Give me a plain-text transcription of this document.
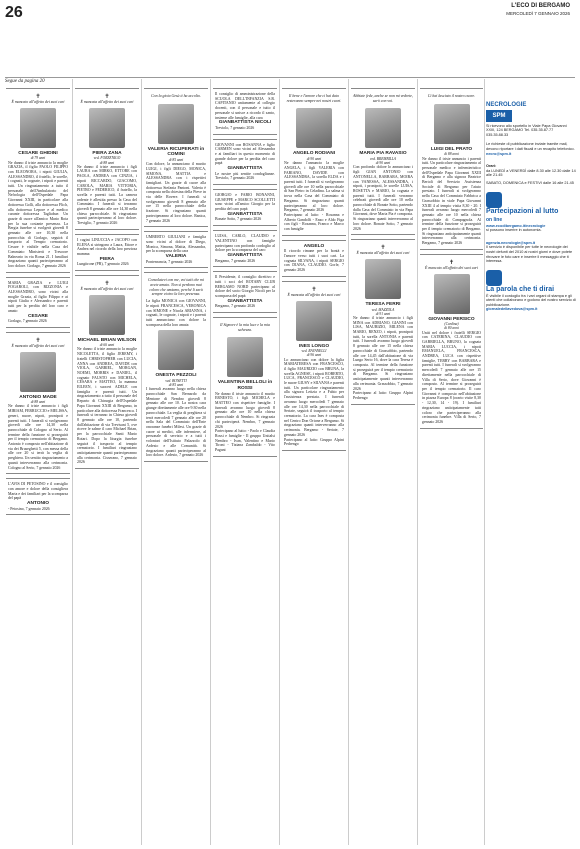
26	L'ECO DI BERGAMO
MERCOLEDÌ 7 GENNAIO 2026
Segue da pagina 20
✝
È mancato all'affetto dei suoi cari
CESARE GHIDINI
di 79 anni
Ne danno il triste annuncio la moglie GRAZIA, il figlio PAOLO FILIPPO con ELEONORA, i nipoti GIULIA, ALESSANDRO, il fratello, le sorelle, i cognati, le cognate, i nipoti e parenti tutti. Un ringraziamento a tutto il personale dell'Ambulatorio del Nefrologia dell'Ospedale Papa Giovanni XXIII, in particolare alla dottoressa Golli, alla dottoressa Flich, alla dottoressa Lepore e al medico curante dottoressa Tagliabue. Un grazie di cuore all'amico Mario Rota per la sua costante presenza. La Bergia funebre si svolgerà giovedì 8 gennaio alle ore 10,30 nella parrocchia di Gorlago, seguirà il trasporto al Tempio crematorio. Cesare è visibile nella Casa del Commiato Ministerii e Tresoore Balneario in via Roma 21. I familiari ringraziano quanti parteciperanno al loro dolore. Gorlago, 7 gennaio 2026
MARIA GRAZIA e LUIGI FOGAROLI, con RIZZONIA e ALESSANDRO, sono vicini alla moglie Grazia, al figlio Filippo e ai nipoti Giulia e Alessandro e parenti tutti per la perdita del loro caro e amato
CESARE
Gorlago, 7 gennaio 2026
✝
È mancato all'affetto dei suoi cari
ANTONIO MADE
di 88 anni
Ne danno il triste annuncio i figli MIRIAM, FERRUCCIO e MELISSA, generi, nuore, nipoti, pronipoti e parenti tutti. I funerali si svolgeranno giovedì alle ore 14,30 nella parrocchiale di Cologno al Serio. Al termine della funzione si proseguirà per il tempio crematorio di Bergamo. Antonio è composto nell'abitazione di via dei Bruseghetti 5, con messa della alle ore 20 si terrà la veglia di preghiera. Un sentito ringraziamento a quanti interverranno alla cerimonia. Cologno al Serio, 7 gennaio 2026
L'AVIS DI PETOSINO e il consiglio con amore e dolore della consigliera Marta e dei familiari per la scomparsa del papà
ANTONIO
- Petosino, 7 gennaio 2026
✝
È mancata all'affetto dei suoi cari
PIERA ZANA
ved. FORZENIGO
di 88 anni
Ne danno il triste annuncio i figli LAURA con MIRKO, ETTORE con PAOLA, ANDREA con CINZIA, i nipoti RICCARDO, GIACOMO, CAROLA, MARIA VITTORIA, PIETRO e FEDERICO, il fratello, la sorella e parenti tutti. La camera ardente è allestita presso la Casa del Commiato. I funerali si terranno giovedì 8 gennaio alle ore 14,30 nella chiesa parrocchiale. Si ringraziano quanti parteciperanno al loro dolore. Treviglio, 7 gennaio 2026
I cugini LINUCCIA e JACOPO con ELENA si stringono a Laura, Ettore e Andrea nel ricordo della loro preziosa mamma
PIERA
Lungitrone (PR), 7 gennaio 2026
✝
È mancato all'affetto dei suoi cari
MICHAEL BRIAN WILSON
di 66 anni
Ne danno il triste annuncio la moglie NICOLETTA, il figlio JEREMY, i fratelli CHRISTOPHER con LUCIA, ANNA con ANDREA, DAVIDE con VIOLA, GABRIEL, MORGAN, NOEMI, MORRIS e DANIEL, il cognato FAUSTO con MICHELA, CESARA e MATTEO, la mamma EILEEN, i suoceri ADELE con famiglia e parenti tutti. Un ringraziamento a tutto il personale del Reparto di Chirurgia dell'Ospedale Papa Giovanni XXIII di Bergamo, in particolare alla dottoressa Francesca. I funerali si terranno in Chiesa giovedì 8 gennaio alle ore 10, partendo dall'abitazione di via Trevisani 5, ove riceve le salme il caro Michael Brian, per la parrocchiale Santi Mario Rotari. Dopo la liturgia funebre seguirà il trasporto al tempio crematorio. I familiari ringraziano anticipatamente quanti parteciperanno alla cerimonia. Cisserano, 7 gennaio 2026
Con la gioia Gesù ti ha accolto.
VALERIA RICUPERATI in COMINI
di 85 anni
Con dolore, la annunciano il marito LUIGI, i figli DIEGO, MONICA, SIMONA, MATTIA e ALESSANDRA con i rispettivi famigliari. Un grazie di cuore alla dottoressa Stefania Pantoni. Valeria è composta nella chiesina della Pieve in via delle Rovere. I funerali si svolgeranno giovedì 8 gennaio alle ore 15 nella parrocchiale della frazione. Si ringraziano quanti parteciperanno al loro dolore. Ranica, 7 gennaio 2026
UMBERTO GIULIANI e famiglia sono vicini al dolore di Diego, Monica, Simona, Mattia, Alessandra, per la scomparsa della cara
VALERIA
Pontenrancia, 7 gennaio 2026
Consolatevi con me, voi tutti che mi avete amato. Non si perdono mai coloro che amiamo, perché li sarà sempre vicino la loro presenza.
La figlia MONICA con GIOVANNI, le nipoti FRANCESCA, VERONICA con SIMONE e Nicola ARIANNA, i cognati, le cognate, i nipoti e i parenti tutti annunciano con dolore la scomparsa della loro amata
ONESTA PEZZOLI
ved. BONETTI
di 85 anni
I funerali avranno luogo nella chiesa parrocchiale San Bernardo da Mentone di Nembro giovedì 8 gennaio alle ore 10. La nostra cara giunge direttamente alle ore 9:30 nella parrocchiale. La veglia di preghiera si terrà mercoledì 7 gennaio alle ore 20 nella Sala del Commiato dell'Ente onoranze funebri Milesi. Un grazie di cuore ai medici, alle infermiere, al personale di servizio e a tutti i volontari dell'Istituto Palazzolo di Ardesio e alle Comunità. Si ringraziano quanti parteciperanno al loro dolore. Ardesio, 7 gennaio 2026
Il consiglio di amministrazione della SCUOLA DELL'INFANZIA S.R. CAPITANIO unitamente al collegio docenti, con il personale e tutto il personale si unisce a ricordo il santo, insieme alle famiglie, alla cara
GIANBATTISTA NICOLI
Treviolo, 7 gennaio 2026
GIOVANNI con ROSANNA e figlio CARMEN sono vicini ad Alessandra e ai familiari in questo momento di grande dolore per la perdita del caro papà
GIANBATTISTA
Le nostre più sentite condoglianze. Treviolo, 7 gennaio 2026
GIORGIO e FABIO BONANNI, GIUSEPPE e MARCO SCOLLETTI sono vicini all'amico Giorgio per la perdita del caro papà
GIANBATTISTA
Bonate Sotto, 7 gennaio 2026
LUISA, CARLO, CLAUDIO e VALENTINO con famiglie partecipano con profondo cordoglio al dolore per la scomparsa del caro
GIANBATTISTA
Bergamo, 7 gennaio 2026
Il Presidente, il consiglio direttivo e tutti i soci del ROTARY CLUB BERGAMO NORD partecipano al dolore del socio Giorgio Nicoli per la scomparsa del papà
GIANBATTISTA
Bergamo, 7 gennaio 2026
Il Signore è la mia luce e la mia salvezza.
VALENTINA BELLOLI in ROSSI
Ne danno il triste annuncio il marito ERNESTO, i figli MICHELA e MATTEO con rispettive famiglie. I funerali avranno luogo giovedì 8 gennaio alle ore 10 nella chiesa parrocchiale di Nembro. Si ringrazia chi parteciperà. Nembro, 7 gennaio 2026
Partecipano al lutto: - Paolo e Claudia Rossi e famiglie - Il gruppo Unitalsi Nembro - Ivan, Valentino e Mario Tironi - Tiziana Zambaldo - Vito Pagani
Il bene e l'amore che ci hai dato resteranno sempre nei nostri cuori.
ANGELO RODIANI
di 90 anni
Ne danno l'annuncio la moglie ANGELA, i figli VALERIA con FABIANO, DAVIDE con ALESSANDRA, la sorella ELDA e i parenti tutti. I funerali si svolgeranno giovedì alle ore 10 nella parrocchiale di San Pietro in Celadina. La salma si trova nella Casa del Commiato di Bergamo. Si ringraziano quanti parteciperanno al loro dolore. Bergamo, 7 gennaio 2026
Partecipano al lutto: - Rosanna e Alberto Gandolfi - Enzo e Aldo Figa con figli - Rosanna, Franco e Marco con famiglie
ANGELO
Il ricordo rimane per la bontà e l'amore verso tutti i suoi cari. La cognata SILVANA, i nipoti SERGIO con DIANA, CLAUDIO. Gorle, 7 gennaio 2026
✝
È mancata all'affetto dei suoi cari
INES LONGO
ved. RAVANELLI
di 96 anni
Lo annunciano con dolore la figlia MARIATERESA con FRANCESCO, il figlio MAURIZIO con BRUNA, la sorella AGNESE, i nipoti ROBERTO, LUCA, FRANCESCO e CLAUDIO, le nuore GIUSY e SILVANA e parenti tutti. Un particolare ringraziamento alla signora Letizia e a Fabio per l'assistenza prestata. I funerali avranno luogo mercoledì 7 gennaio alle ore 14,30 nella parrocchiale di Seriate, seguirà il trasporto al tempio crematorio. La cara Ines è composta nel Centro Don Orione a Bergamo. Si ringraziano quanti interverranno alla cerimonia. Bergamo - Seriate, 7 gennaio 2026
Partecipano al lutto: Gruppo Alpini Pedrengo
Abbiate fede, anche se non mi vedrete, sarò con voi.
MARIA PIA RAVASIO
ved. BREMBILLA
di 90 anni
Con profondo dolore lo annunciano i figli GIAN ANTONIO con ANTONELLA, BARBARA, MOIRA con VANESSA, ALESSANDRA, i nipoti, i pronipoti, le sorelle LUISA, ROSETTA e MARIO, la cognata e parenti tutti. I funerali verranno celebrati giovedì alle ore 10 nella parrocchiale di Bonate Sotto, partendo dalla Casa del Commiato in via Papa Giovanni, dove Maria Pia è composta. Si ringraziano quanti interverranno al loro dolore. Bonate Sotto, 7 gennaio 2026
✝
È mancata all'affetto dei suoi cari
TERESA FERRI
ved. MAZZOLA
di 91 anni
Ne danno il triste annuncio i figli MINA con ADRIANO, GIANNI con LISA, MAURIZIO, MILENA con MARIO, RENZO, i nipoti, pronipoti tutti, la sorella ANTONIA e parenti tutti. I funerali avranno luogo giovedì 8 gennaio alle ore 15 nella chiesa parrocchiale di Grassobbio, partendo alle ore 14,45 dall'abitazione di via Lungo Serio 16, dove la cara Teresa è composta. Al termine della funzione si proseguirà per il tempio crematorio di Bergamo. Si ringraziano anticipatamente quanti interverranno alla cerimonia. Grassobbio, 7 gennaio 2026
Partecipano al lutto: Gruppo Alpini Pedrengo
Ci hai lasciato il nostro cuore.
LUIGI DEL PRATO
di 88 anni
Ne danno il triste annuncio i parenti tutti. Un particolare ringraziamento al personale medico e infermieristico dell'Ospedale Papa Giovanni XXIII di Bergamo e alla signora Beatrice Bertoli del Servizio Assistenza Sociale di Bergamo per l'aiuto prestato. I funerali si svolgeranno nella Casa del Commiato Fabbrica a Grassobbio in viale Papa Giovanni XXIII 4 al tempio visita 8,30 - 20. I funerali avranno luogo mercoledì 7 gennaio alle ore 10 nella chiesa parrocchiale di Campagnola. Al termine della funzione si proseguirà per il tempio crematorio di Bergamo. Si ringraziano anticipatamente quanti interverranno alla cerimonia. Bergamo, 7 gennaio 2026
✝
È mancato all'affetto dei suoi cari
GIOVANNI PERSICO
(Cardina)
di 80 anni
Uniti nel dolore i fratelli SERGIO con CATERINA, CLAUDIO con GABRIELLA, BRUNO, la cognata MARIA LUCCIA, i nipoti EMANUELA, FRANCESCA, ANDREA, LUCA con rispettive famiglie, TERRY con BARBARA e parenti tutti. I funerali si svolgeranno mercoledì 7 gennaio alle ore 15 direttamente nella parrocchiale di Villa di Serio, dove Giovanni è composto. Al termine si proseguirà per il tempio crematorio. Il caro Giovanni è composto nell'abitazione in piazza Europa 8 (orario visite 8,30 - 12,30, 14 - 19). I familiari ringraziano anticipatamente tutti coloro che parteciperanno alla cerimonia funebre. Villa di Serio, 7 gennaio 2026
NECROLOGIE
SPM
Si ricevono allo sportello in Viale Papa Giovanni XXIII, 124 BERGAMO Tel. 035.35.87.77 035.35.88.33
Le richieste di pubblicazione inviate tramite mail, devono riportare i dati fiscali e un recapito telefonico.
necro@spm.it
Orari:
da LUNEDÌ a VENERDÌ dalle 8.30 alle 12.30 dalle 14 alle 21.45
SABATO, DOMENICA e FESTIVI dalle 16 alle 21.45
Partecipazioni al lutto
on line
www.ecodibergamo.it/necrologie
si possono inserire in autonomia.
agenzia.necrologie@spm.it
Il servizio è disponibile per tutte le necrologie dei nostri defunti del 2010 ai nostri giorni e dove potete ritrovare le foto care e inserire il messaggio che ti interessa.
La parola che ti dirai
È visibile il cordoglio fra i vari organi di stampa e gli utenti che collaborano e godono del nostro servizio di pubblicazione.
giornaledellavedova@spm.it
